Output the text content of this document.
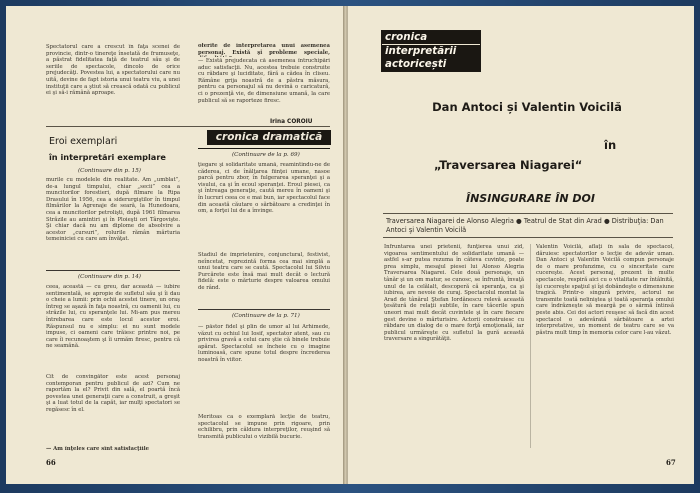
Spectatorul care a crescut în faţa scenei de provincie, dintr-o tinereţe însetată de frumuseţe, a păstrat fidelitatea faţă de teatrul său şi de seriile de spectacole, dincolo de orice prejudecăţi. Povestea lui, a spectatorului care nu uită, devine de fapt istoria unui teatru viu, a unei instituţii care a ştiut să crească odată cu publicul ei şi să-i rămână aproape.

oferite de interpretarea unui asemenea personaj. Există şi probleme speciale,

— Există prejudecata că asemenea întruchipări aduc satisfacţii. Nu, acestea trebuie construite cu răbdare şi luciditate, fără a cădea în cliseu. Rămâne grija noastră de a păstra măsura, pentru ca personajul să nu devină o caricatură, ci o prezenţă vie, de dimensiune umană, la care publicul să se raporteze firesc.

Irina COROIU
Eroi exemplari
în interpretări exemplare
(Continuare din p. 15)

murile cu modelele din realitate. Am „umblat”, de-a lungul timpului, chiar „secii” cea a muncitorilor forestieri, după filmare la Ripa Drasului în 1956, cea a siderurgiştilor în timpul filmărilor la Agrenaje de seară, la Hunedoara, cea a muncitorilor petrolişti, după 1961 filmarea Străzile au amintiri şi în Ploieşti ori Târgovişte. Şi chiar dacă nu am diplome de absolvire a acestor „cursuri”, rolurile rămân mărturia temeiniciei cu care am învăţat.

(Continuare din p. 14)

ceea, această — cu greu, dar această — iubire sentimentală, se apropie de sufletul său şi îi dau o cheie a lumii: prin ochii acestei tinere, un oraş întreg se aşază în faţa noastră, cu oamenii lui, cu străzile lui, cu speranţele lui. Mi-am pus mereu întrebarea care este locul acestor eroi. Răspunsul nu e simplu: ei nu sunt modele impuse, ci oameni care trăiesc printre noi, pe care îi recunoaştem şi îi urmăm firesc, pentru că ne seamănă.

Cît de convingător este acest personaj contemporan pentru publicul de azi? Cum ne raportăm la el? Privit din sală, el poartă încă povestea unei generaţii care a construit, a greşit şi a luat totul de la capăt, iar mulţi spectatori se regăsesc în el.

— Am înţeles care sînt satisfacţiile

cronica dramatică
(Continuare de la p. 69)

ţiegare şi solidaritate umană, reamintindu-ne de căderea, ci de înălţarea fiinţei umane, nasoe parcă pentru zbor, în fulgerarea speranţei şi a visului, ca şi în ecoul speranţei. Eroul piesei, ca şi întreaga generaţie, caută mereu în oameni şi în lucruri ceea ce e mai bun, iar spectacolul face din această căutare o sărbătoare a credinţei în om, a forţei lui de a învinge.

Stadiul de împrietenire, conjunctural, festivist, neîncetat, reprezintă forma cea mai simplă a unui teatru care se caută. Spectacolul lui Silviu Purcărete este însă mai mult decât o lectură fidelă: este o mărturie despre valoarea omului de rând.

(Continuare de la p. 71)

— păstor fidel şi plin de umor al lui Arhimede, văzut cu ochiul lui Iosif, spectator atent, sau cu privirea gravă a celui care ştie că binele trebuie apărat. Spectacolul se încheie cu o imagine luminoasă, care spune totul despre încrederea noastră în viitor.

Meritoas ca o exemplară lecţie de teatru, spectacolul se impune prin rigoare, prin echilibru, prin căldura interpreţilor, reuşind să transmită publicului o vizibilă bucurie.

66
cronica
interpretării
actoricești
Dan Antoci și Valentin Voicilă
în
„Traversarea Niagarei“
ÎNSINGURARE ÎN DOI

Traversarea Niagarei de Alonso Alegria ● Teatrul de Stat din Arad ● Distribuţia: Dan Antoci şi Valentin Voicilă

Înfruntarea unei prietenii, funţierea unui zid, vigoarea sentimentului de solidaritate umană — astfel s-ar putea rezuma în câteva cuvinte, poate prea simplu, mesajul piesei lui Alonso Alegria Traversarea Niagarei. Cele două personaje, un tânăr şi un om matur, se cunosc, se înfruntă, învaţă unul de la celălalt, descoperă că speranţa, ca şi iubirea, are nevoie de curaj. Spectacolul montat la Arad de tânărul Ştefan Iordănescu relevă această ţesătură de relaţii subtile, în care tăcerile spun uneori mai mult decât cuvintele şi în care fiecare gest devine o mărturisire. Actorii construiesc cu răbdare un dialog de o mare forţă emoţională, iar publicul urmăreşte cu sufletul la gură această traversare a singurătăţii.

Valentin Voicilă, aflaţi în sala de spectacol, dăruiesc spectatorilor o lecţie de adevăr uman. Dan Antoci şi Valentin Voicilă compun personaje de o mare profunzime, cu o sinceritate care cucereşte. Acest personaj, prezent în multe spectacole, respiră aici cu o vitalitate rar întâlnită, îşi cucereşte spaţiul şi îşi dobândeşte o dimensiune tragică. Printr-o singură privire, actorul ne transmite toată neliniştea şi toată speranţa omului care îndrăzneşte să meargă pe o sârmă întinsă peste abis. Cei doi actori reuşesc să facă din acest spectacol o adevărată sărbătoare a artei interpretative, un moment de teatru care se va păstra mult timp în memoria celor care l-au văzut.

67
